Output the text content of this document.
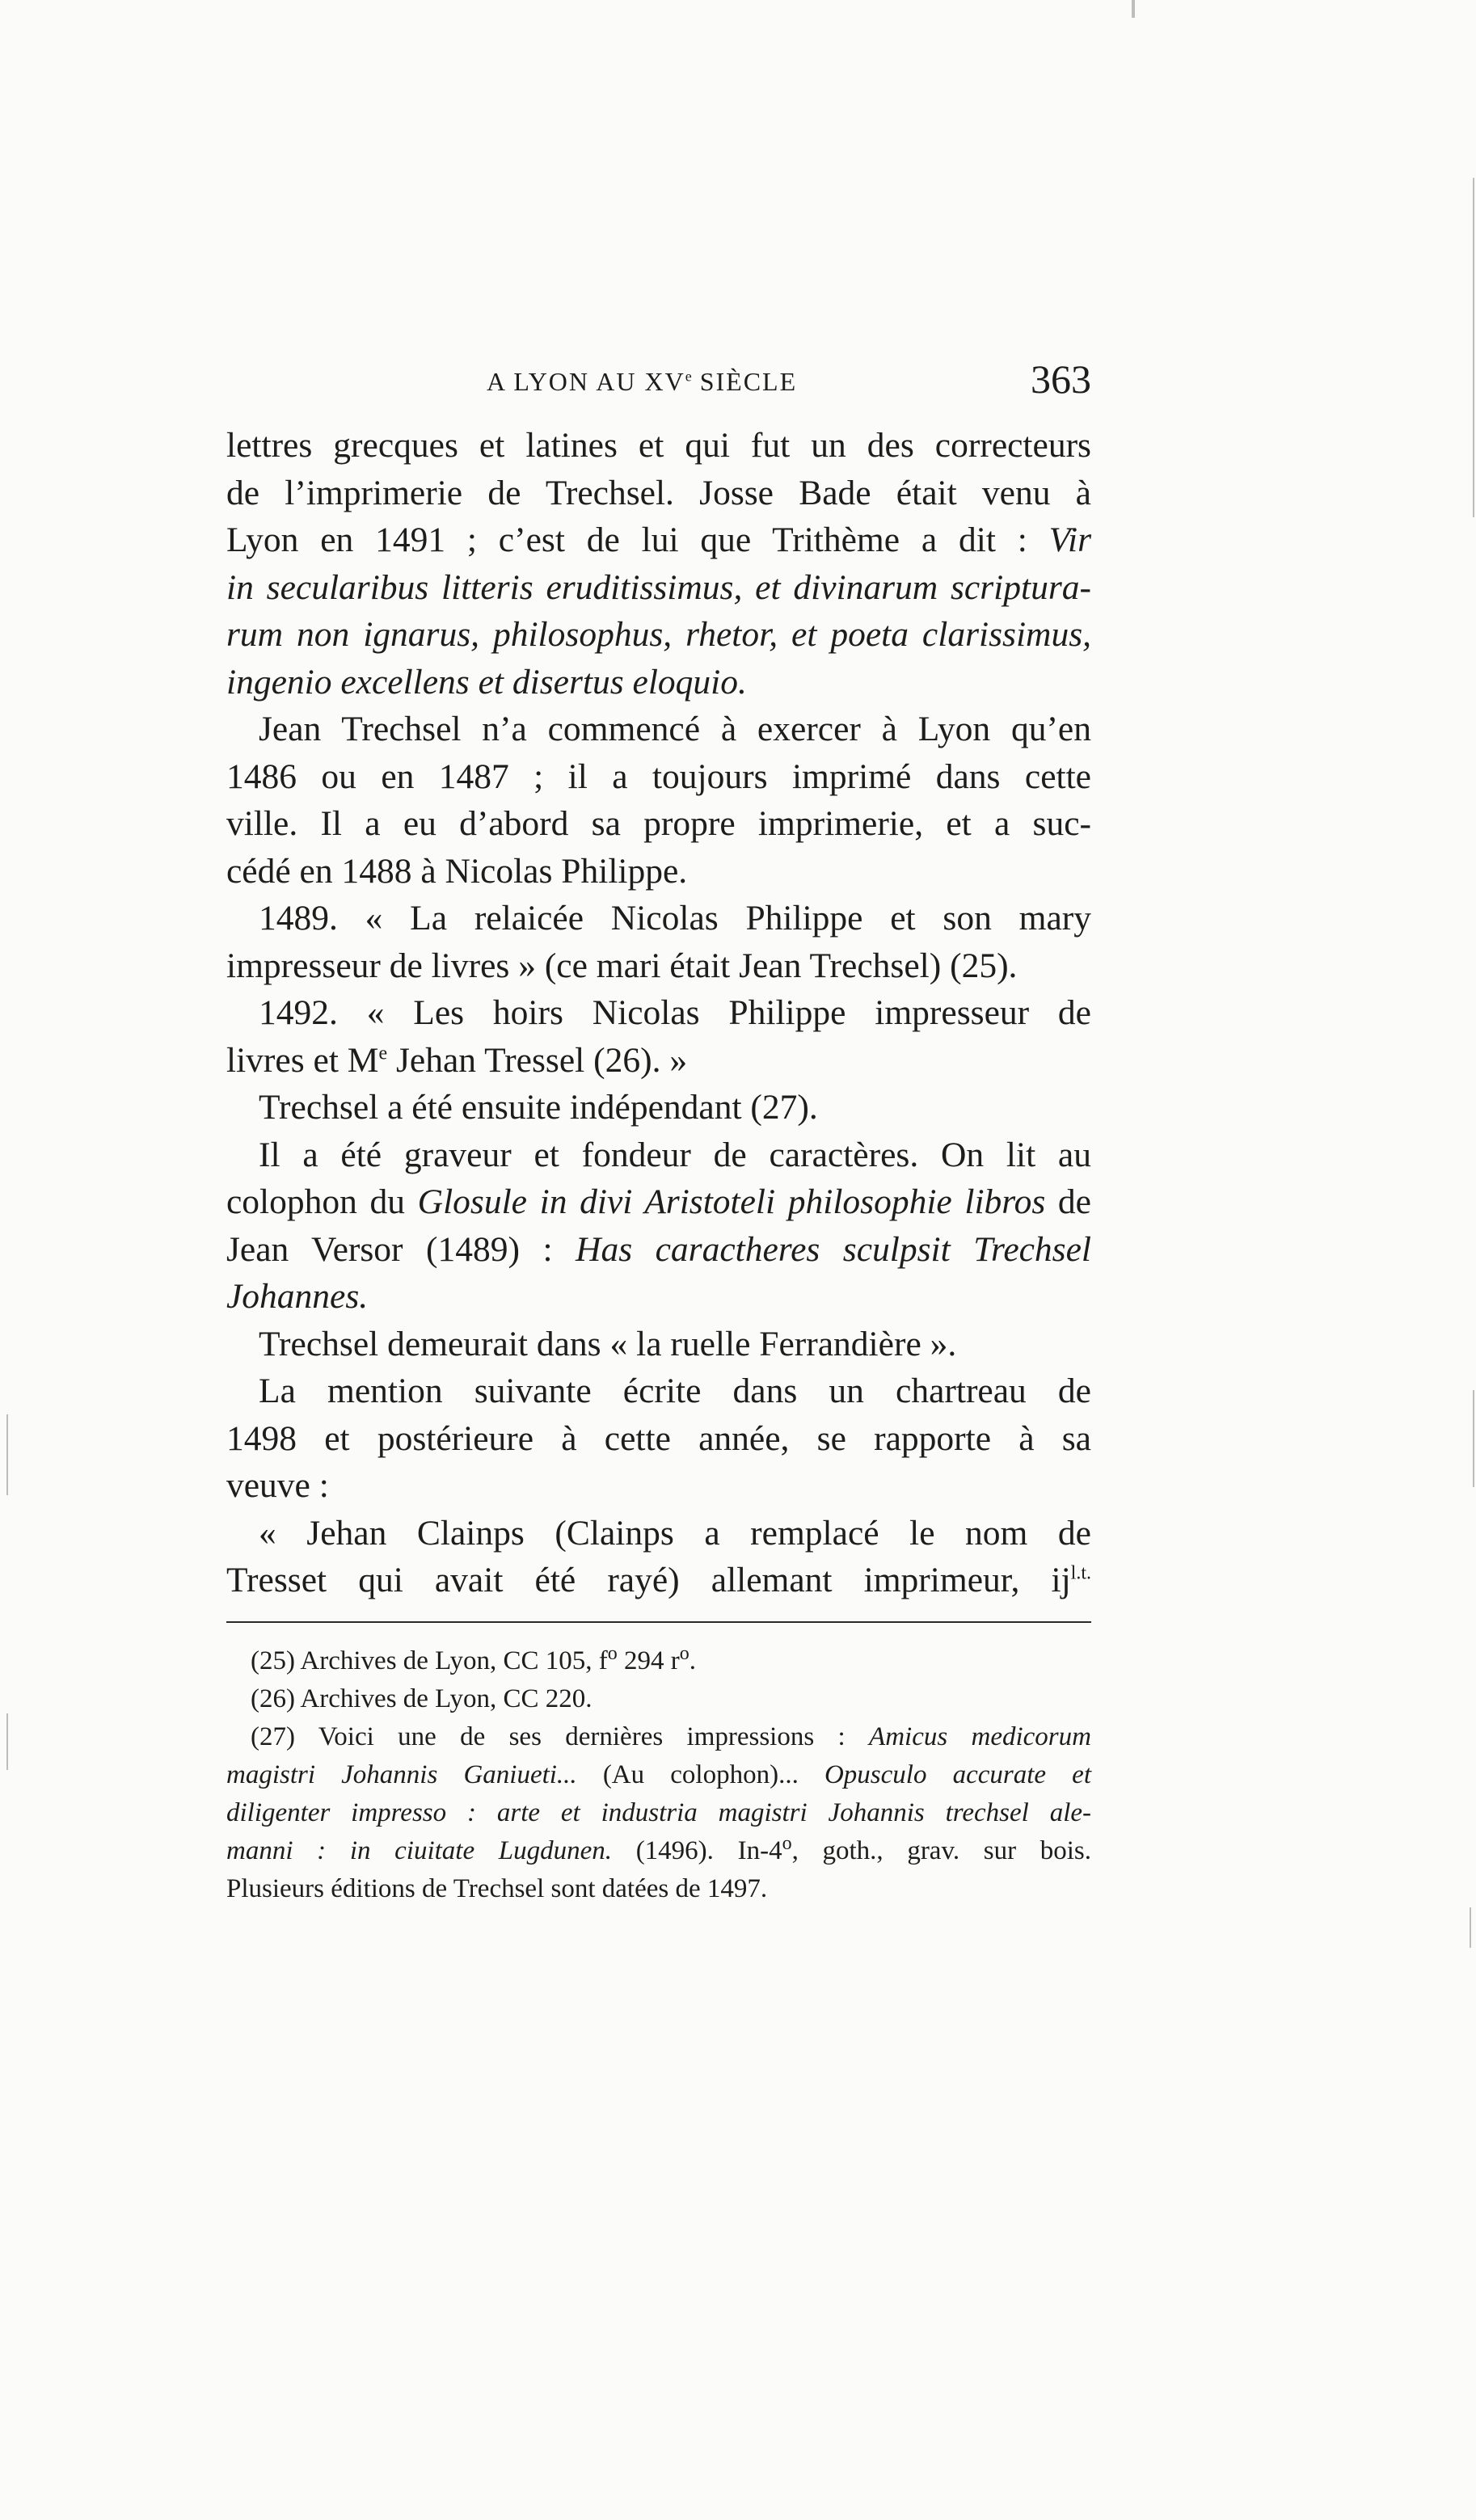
A LYON AU XVe SIÈCLE	363
lettres grecques et latines et qui fut un des correcteurs
de l’imprimerie de Trechsel. Josse Bade était venu à
Lyon en 1491 ; c’est de lui que Trithème a dit : Vir
in secularibus litteris eruditissimus, et divinarum scriptura-
rum non ignarus, philosophus, rhetor, et poeta clarissimus,
ingenio excellens et disertus eloquio.
Jean Trechsel n’a commencé à exercer à Lyon qu’en
1486 ou en 1487 ; il a toujours imprimé dans cette
ville. Il a eu d’abord sa propre imprimerie, et a suc-
cédé en 1488 à Nicolas Philippe.
1489. « La relaicée Nicolas Philippe et son mary
impresseur de livres » (ce mari était Jean Trechsel) (25).
1492. « Les hoirs Nicolas Philippe impresseur de
livres et Me Jehan Tressel (26). »
Trechsel a été ensuite indépendant (27).
Il a été graveur et fondeur de caractères. On lit au
colophon du Glosule in divi Aristoteli philosophie libros de
Jean Versor (1489) : Has caractheres sculpsit Trechsel
Johannes.
Trechsel demeurait dans « la ruelle Ferrandière ».
La mention suivante écrite dans un chartreau de
1498 et postérieure à cette année, se rapporte à sa
veuve :
« Jehan Clainps (Clainps a remplacé le nom de
Tresset qui avait été rayé) allemant imprimeur, $ij^{l.t.}$
(25) Archives de Lyon, CC 105, $f^o$ 294 $r^o$.
(26) Archives de Lyon, CC 220.
(27) Voici une de ses dernières impressions : Amicus medicorum
magistri Johannis Ganiueti... (Au colophon)... Opusculo accurate et
diligenter impresso : arte et industria magistri Johannis trechsel ale-
manni : in ciuitate Lugdunen. (1496). In-4$^o$, goth., grav. sur bois.
Plusieurs éditions de Trechsel sont datées de 1497.
